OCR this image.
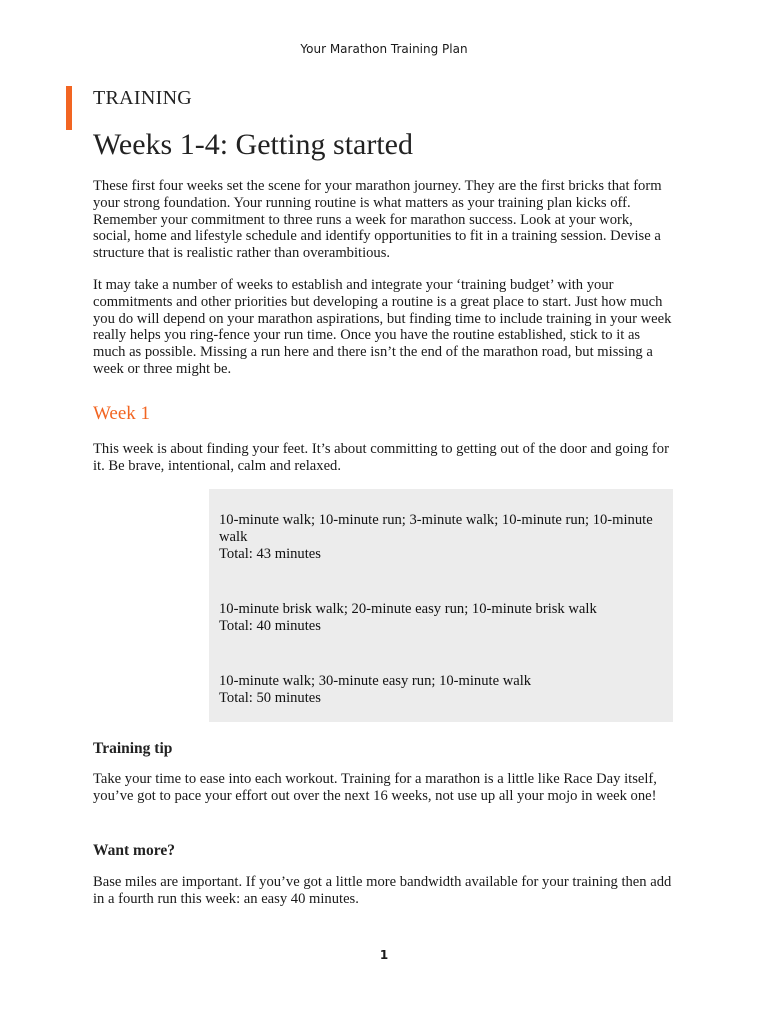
Your Marathon Training Plan
TRAINING
Weeks 1-4: Getting started

These first four weeks set the scene for your marathon journey. They are the first bricks that form your strong foundation. Your running routine is what matters as your training plan kicks off. Remember your commitment to three runs a week for marathon success. Look at your work, social, home and lifestyle schedule and identify opportunities to fit in a training session. Devise a structure that is realistic rather than overambitious.

It may take a number of weeks to establish and integrate your ‘training budget’ with your commitments and other priorities but developing a routine is a great place to start. Just how much you do will depend on your marathon aspirations, but finding time to include training in your week really helps you ring-fence your run time. Once you have the routine established, stick to it as much as possible. Missing a run here and there isn’t the end of the marathon road, but missing a week or three might be.

Week 1

This week is about finding your feet. It’s about committing to getting out of the door and going for it. Be brave, intentional, calm and relaxed.

10-minute walk; 10-minute run; 3-minute walk; 10-minute run; 10-minute walk
Total: 43 minutes
10-minute brisk walk; 20-minute easy run; 10-minute brisk walk
Total: 40 minutes
10-minute walk; 30-minute easy run; 10-minute walk
Total: 50 minutes
Training tip

Take your time to ease into each workout. Training for a marathon is a little like Race Day itself, you’ve got to pace your effort out over the next 16 weeks, not use up all your mojo in week one!

Want more?

Base miles are important. If you’ve got a little more bandwidth available for your training then add in a fourth run this week: an easy 40 minutes.

1
